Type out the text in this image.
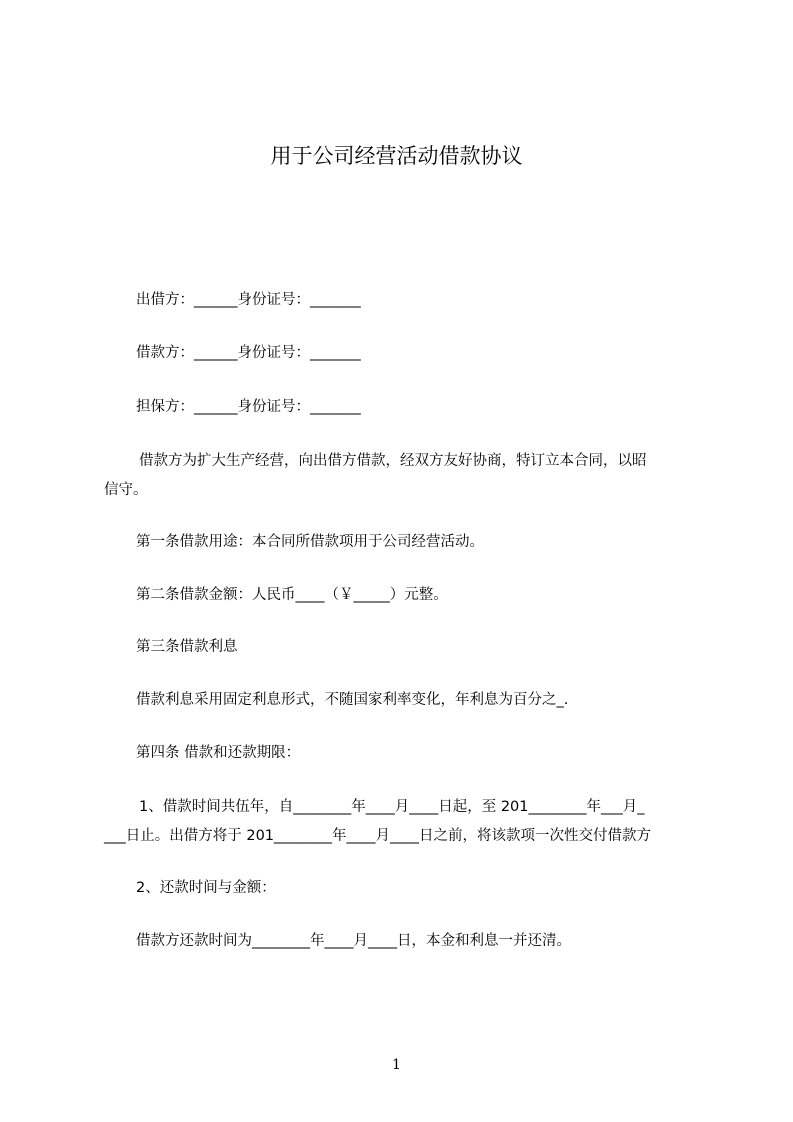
用于公司经营活动借款协议
出借方：______身份证号：_______
借款方：______身份证号：_______
担保方：______身份证号：_______
借款方为扩大生产经营，向出借方借款，经双方友好协商，特订立本合同，以昭
信守。
第一条借款用途：本合同所借款项用于公司经营活动。
第二条借款金额：人民币____（￥_____）元整。
第三条借款利息
借款利息采用固定利息形式，不随国家利率变化，年利息为百分之_.
第四条 借款和还款期限：
1、借款时间共伍年，自________年____月____日起，至 201________年___月_
___日止。出借方将于 201________年____月____日之前，将该款项一次性交付借款方
2、还款时间与金额：
借款方还款时间为________年____月____日，本金和利息一并还清。
1
